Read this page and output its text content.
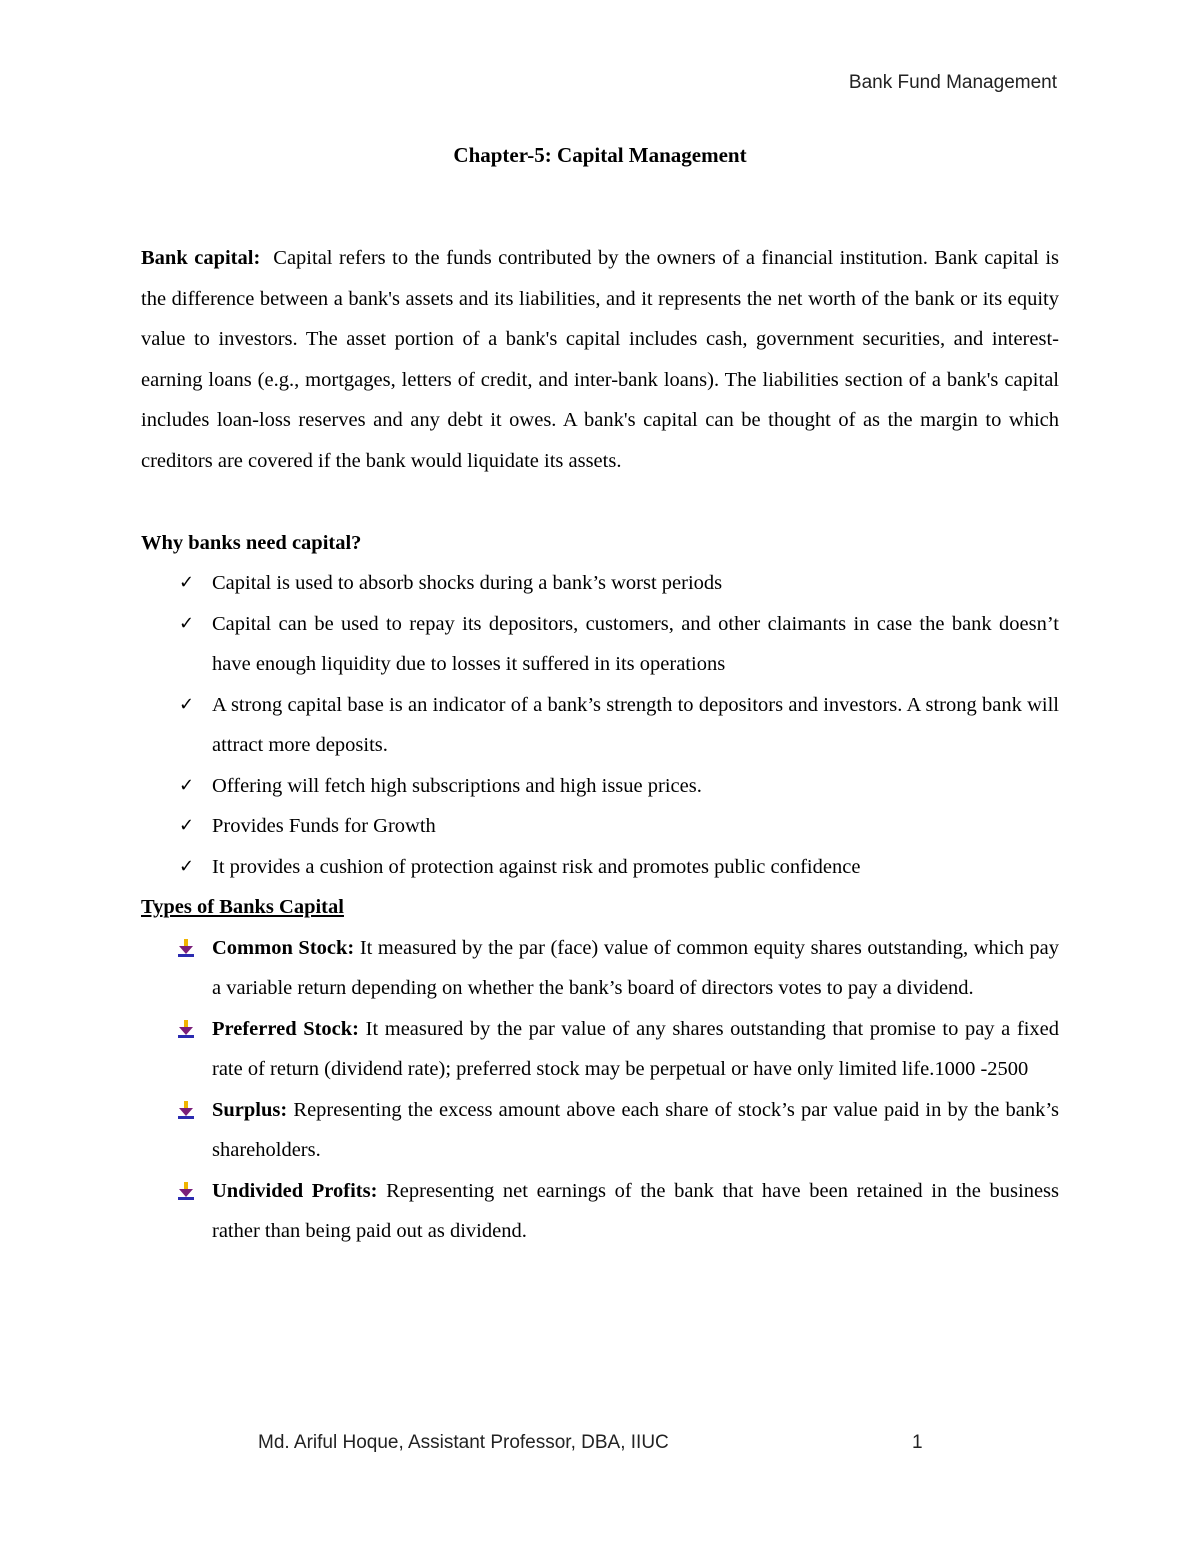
Bank Fund Management
Chapter-5: Capital Management

Bank capital: Capital refers to the funds contributed by the owners of a financial institution. Bank capital is the difference between a bank's assets and its liabilities, and it represents the net worth of the bank or its equity value to investors. The asset portion of a bank's capital includes cash, government securities, and interest-earning loans (e.g., mortgages, letters of credit, and inter-bank loans). The liabilities section of a bank's capital includes loan-loss reserves and any debt it owes. A bank's capital can be thought of as the margin to which creditors are covered if the bank would liquidate its assets.

Why banks need capital?
✓ Capital is used to absorb shocks during a bank’s worst periods
✓ Capital can be used to repay its depositors, customers, and other claimants in case the bank doesn’t have enough liquidity due to losses it suffered in its operations
✓ A strong capital base is an indicator of a bank’s strength to depositors and investors. A strong bank will attract more deposits.
✓ Offering will fetch high subscriptions and high issue prices.
✓ Provides Funds for Growth
✓ It provides a cushion of protection against risk and promotes public confidence
Types of Banks Capital
Common Stock: It measured by the par (face) value of common equity shares outstanding, which pay a variable return depending on whether the bank’s board of directors votes to pay a dividend.
Preferred Stock: It measured by the par value of any shares outstanding that promise to pay a fixed rate of return (dividend rate); preferred stock may be perpetual or have only limited life.1000 -2500
Surplus: Representing the excess amount above each share of stock’s par value paid in by the bank’s shareholders.
Undivided Profits: Representing net earnings of the bank that have been retained in the business rather than being paid out as dividend.
Md. Ariful Hoque, Assistant Professor, DBA, IIUC	1
